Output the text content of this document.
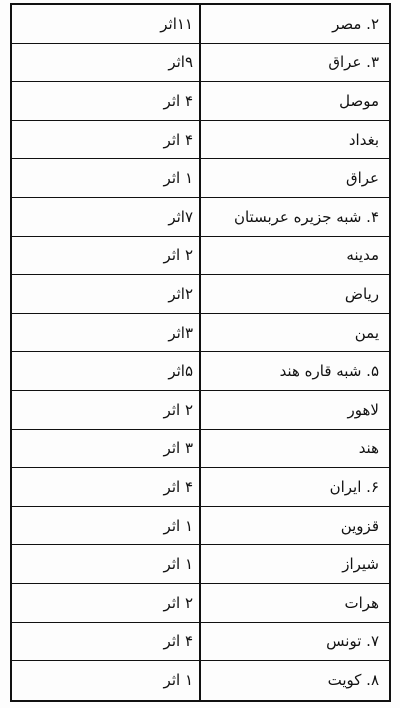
۲. مصر
۱۱اثر
۳. عراق
۹اثر
موصل
۴ اثر
بغداد
۴ اثر
عراق
۱ اثر
۴. شبه جزیره عربستان
۷اثر
مدینه
۲ اثر
ریاض
۲اثر
یمن
۳اثر
۵. شبه قاره هند
۵اثر
لاهور
۲ اثر
هند
۳ اثر
۶. ایران
۴ اثر
قزوین
۱ اثر
شیراز
۱ اثر
هرات
۲ اثر
۷. تونس
۴ اثر
۸. کویت
۱ اثر
